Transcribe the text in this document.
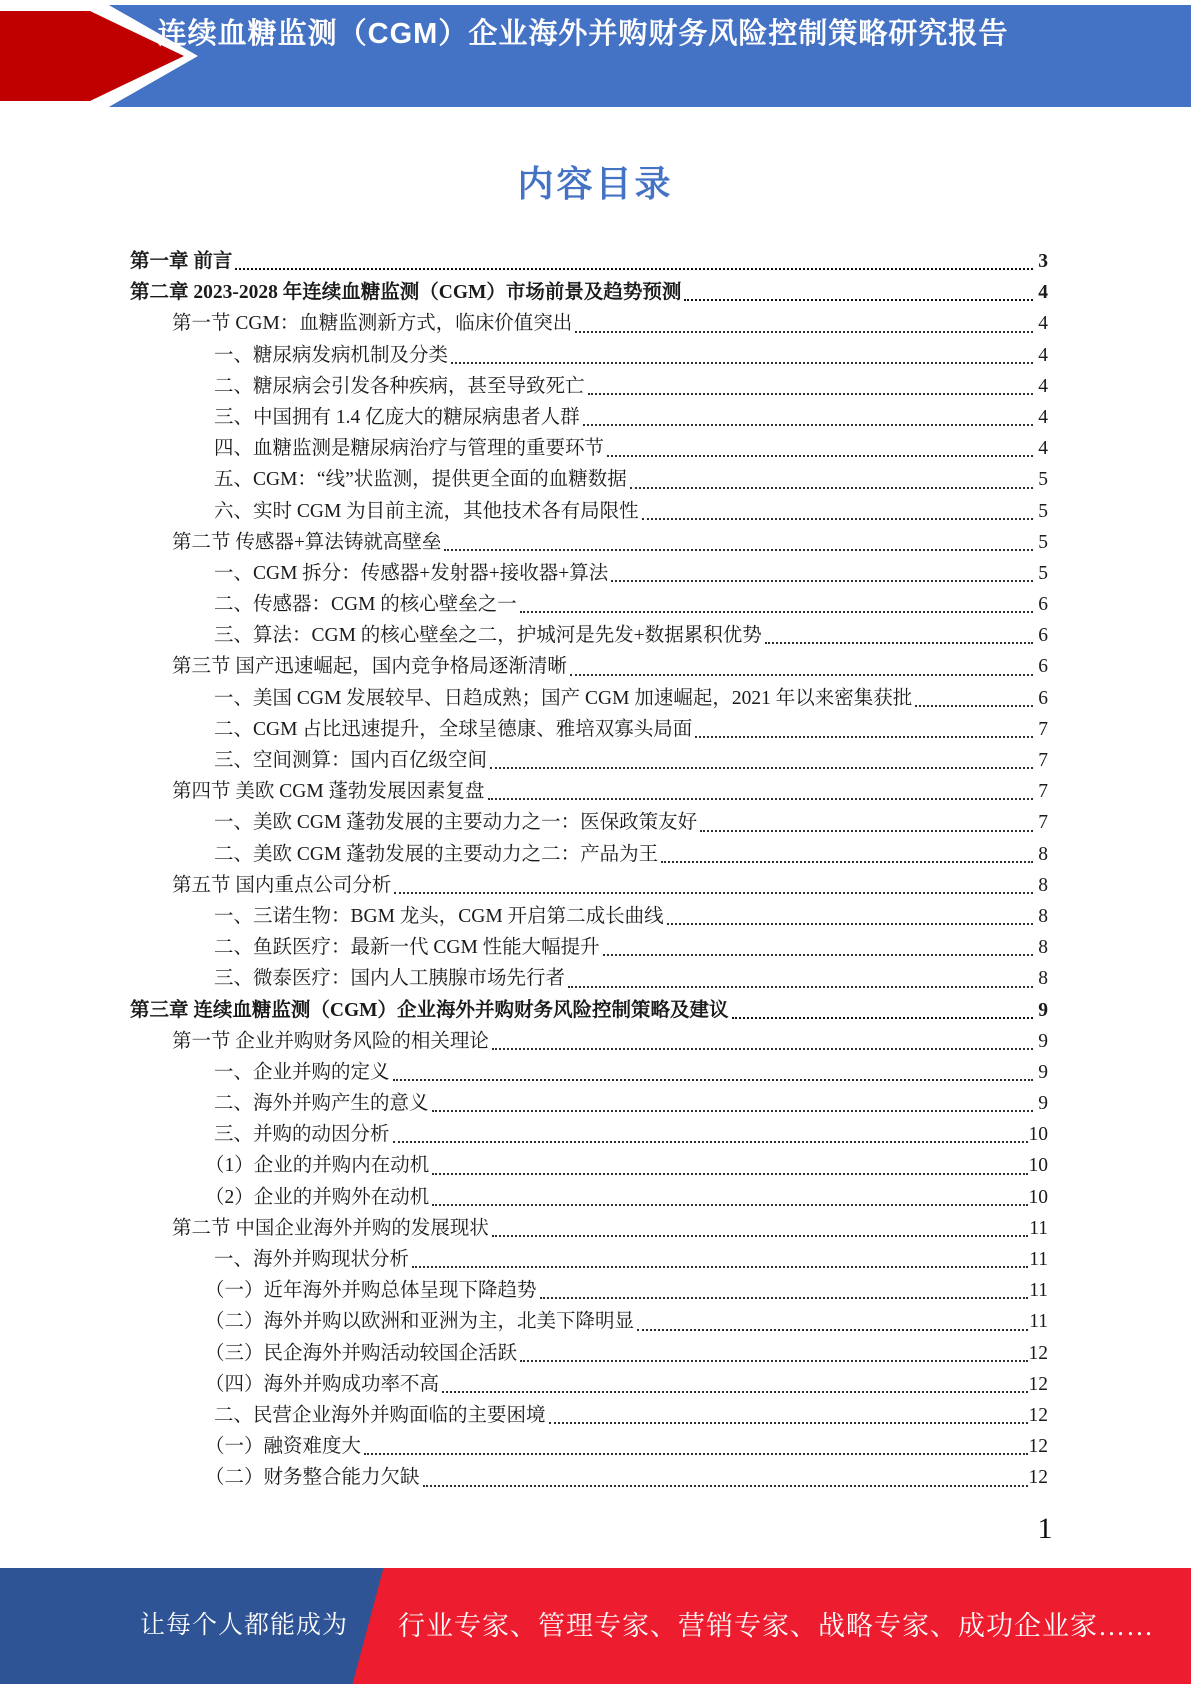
连续血糖监测（CGM）企业海外并购财务风险控制策略研究报告
内容目录
第一章 前言	3
第二章 2023-2028 年连续血糖监测（CGM）市场前景及趋势预测	4
第一节 CGM：血糖监测新方式，临床价值突出	4
一、糖尿病发病机制及分类	4
二、糖尿病会引发各种疾病，甚至导致死亡	4
三、中国拥有 1.4 亿庞大的糖尿病患者人群	4
四、血糖监测是糖尿病治疗与管理的重要环节	4
五、CGM：“线”状监测，提供更全面的血糖数据	5
六、实时 CGM 为目前主流，其他技术各有局限性	5
第二节 传感器+算法铸就高壁垒	5
一、CGM 拆分：传感器+发射器+接收器+算法	5
二、传感器：CGM 的核心壁垒之一	6
三、算法：CGM 的核心壁垒之二，护城河是先发+数据累积优势	6
第三节 国产迅速崛起，国内竞争格局逐渐清晰	6
一、美国 CGM 发展较早、日趋成熟；国产 CGM 加速崛起，2021 年以来密集获批	6
二、CGM 占比迅速提升，全球呈德康、雅培双寡头局面	7
三、空间测算：国内百亿级空间	7
第四节 美欧 CGM 蓬勃发展因素复盘	7
一、美欧 CGM 蓬勃发展的主要动力之一：医保政策友好	7
二、美欧 CGM 蓬勃发展的主要动力之二：产品为王	8
第五节 国内重点公司分析	8
一、三诺生物：BGM 龙头，CGM 开启第二成长曲线	8
二、鱼跃医疗：最新一代 CGM 性能大幅提升	8
三、微泰医疗：国内人工胰腺市场先行者	8
第三章 连续血糖监测（CGM）企业海外并购财务风险控制策略及建议	9
第一节 企业并购财务风险的相关理论	9
一、企业并购的定义	9
二、海外并购产生的意义	9
三、并购的动因分析	10
（1）企业的并购内在动机	10
（2）企业的并购外在动机	10
第二节 中国企业海外并购的发展现状	11
一、海外并购现状分析	11
（一）近年海外并购总体呈现下降趋势	11
（二）海外并购以欧洲和亚洲为主，北美下降明显	11
（三）民企海外并购活动较国企活跃	12
（四）海外并购成功率不高	12
二、民营企业海外并购面临的主要困境	12
（一）融资难度大	12
（二）财务整合能力欠缺	12
1
让每个人都能成为 行业专家、管理专家、营销专家、战略专家、成功企业家……
